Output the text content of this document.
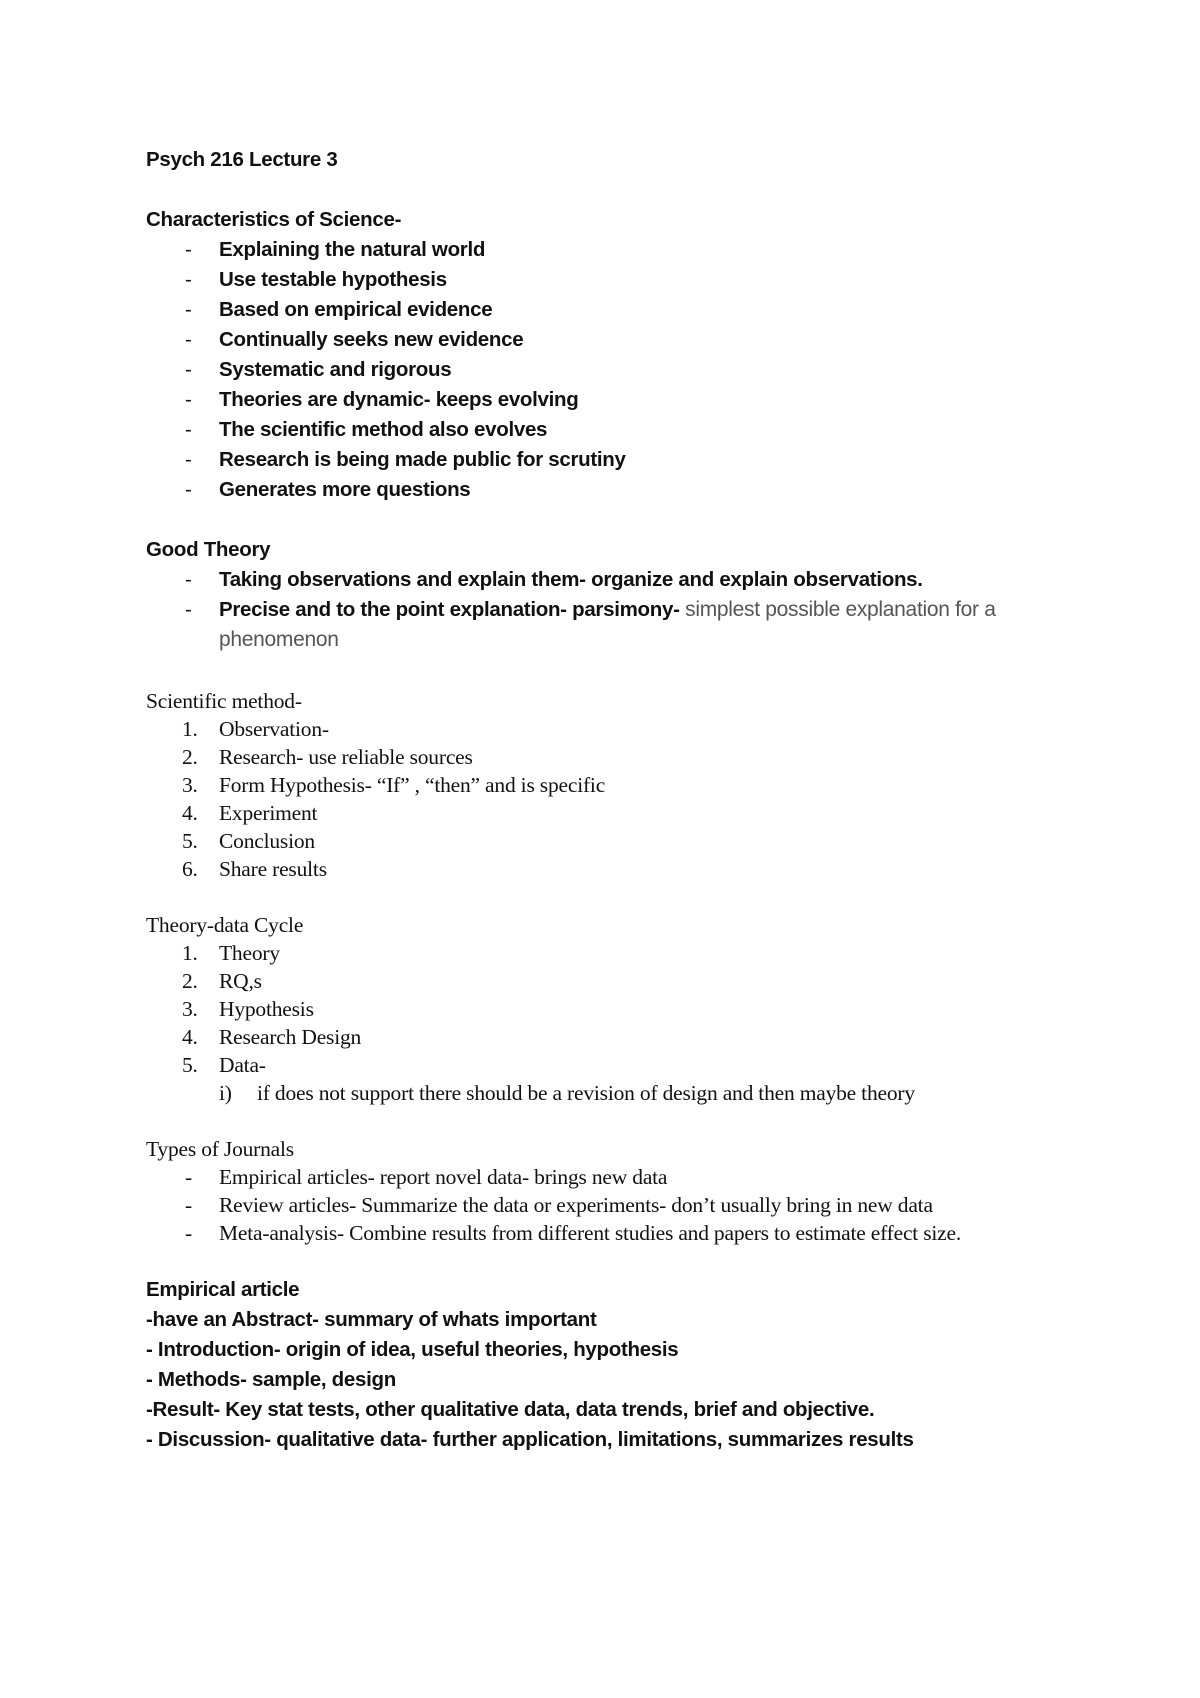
Psych 216 Lecture 3

Characteristics of Science-

- Explaining the natural world
- Use testable hypothesis
- Based on empirical evidence
- Continually seeks new evidence
- Systematic and rigorous
- Theories are dynamic- keeps evolving
- The scientific method also evolves
- Research is being made public for scrutiny
- Generates more questions

Good Theory

- Taking observations and explain them- organize and explain observations.
- Precise and to the point explanation- parsimony- simplest possible explanation for a phenomenon

Scientific method-

1. Observation-
2. Research- use reliable sources
3. Form Hypothesis- “If” , “then” and is specific
4. Experiment
5. Conclusion
6. Share results

Theory-data Cycle

1. Theory
2. RQ,s
3. Hypothesis
4. Research Design
5. Data-
i) if does not support there should be a revision of design and then maybe theory

Types of Journals

- Empirical articles- report novel data- brings new data
- Review articles- Summarize the data or experiments- don’t usually bring in new data
- Meta-analysis- Combine results from different studies and papers to estimate effect size.

Empirical article

-have an Abstract- summary of whats important

- Introduction- origin of idea, useful theories, hypothesis

- Methods- sample, design

-Result- Key stat tests, other qualitative data, data trends, brief and objective.

- Discussion- qualitative data- further application, limitations, summarizes results
